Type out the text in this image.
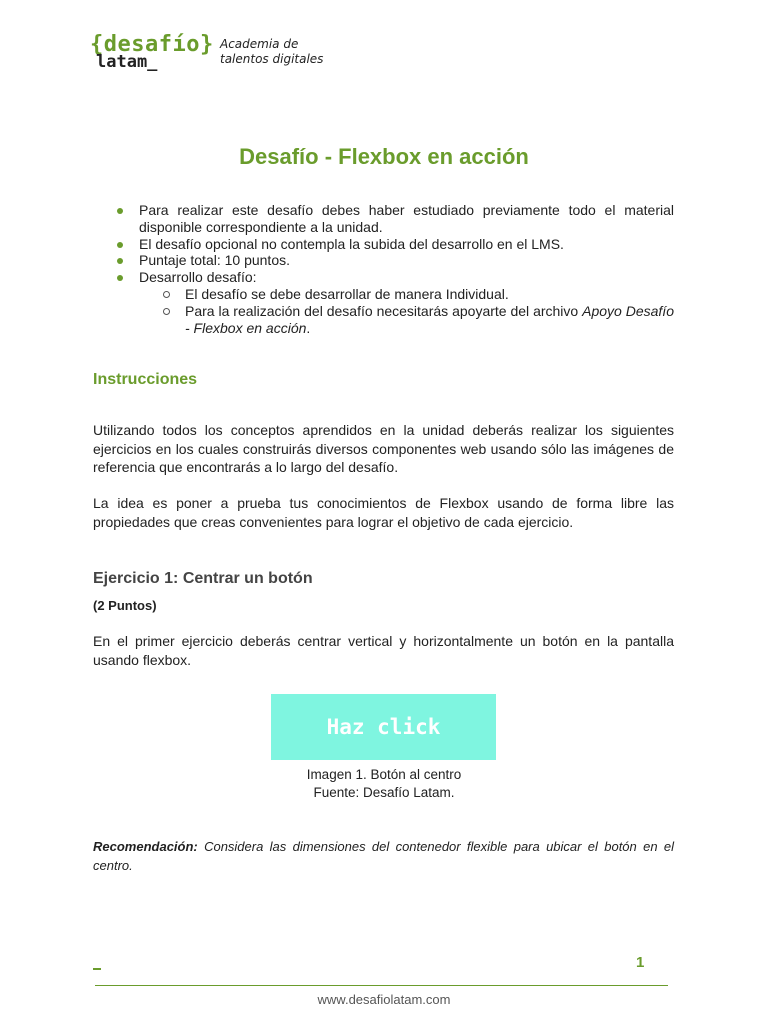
{desafío}
latam_
Academia de
talentos digitales
Desafío - Flexbox en acción
Para realizar este desafío debes haber estudiado previamente todo el material disponible correspondiente a la unidad.
El desafío opcional no contempla la subida del desarrollo en el LMS.
Puntaje total: 10 puntos.
Desarrollo desafío:
El desafío se debe desarrollar de manera Individual.
Para la realización del desafío necesitarás apoyarte del archivo Apoyo Desafío - Flexbox en acción.
Instrucciones

Utilizando todos los conceptos aprendidos en la unidad deberás realizar los siguientes ejercicios en los cuales construirás diversos componentes web usando sólo las imágenes de referencia que encontrarás a lo largo del desafío.

La idea es poner a prueba tus conocimientos de Flexbox usando de forma libre las propiedades que creas convenientes para lograr el objetivo de cada ejercicio.

Ejercicio 1: Centrar un botón

(2 Puntos)

En el primer ejercicio deberás centrar vertical y horizontalmente un botón en la pantalla usando flexbox.

Haz click
Imagen 1. Botón al centro
Fuente: Desafío Latam.

Recomendación: Considera las dimensiones del contenedor flexible para ubicar el botón en el centro.

1
www.desafiolatam.com
